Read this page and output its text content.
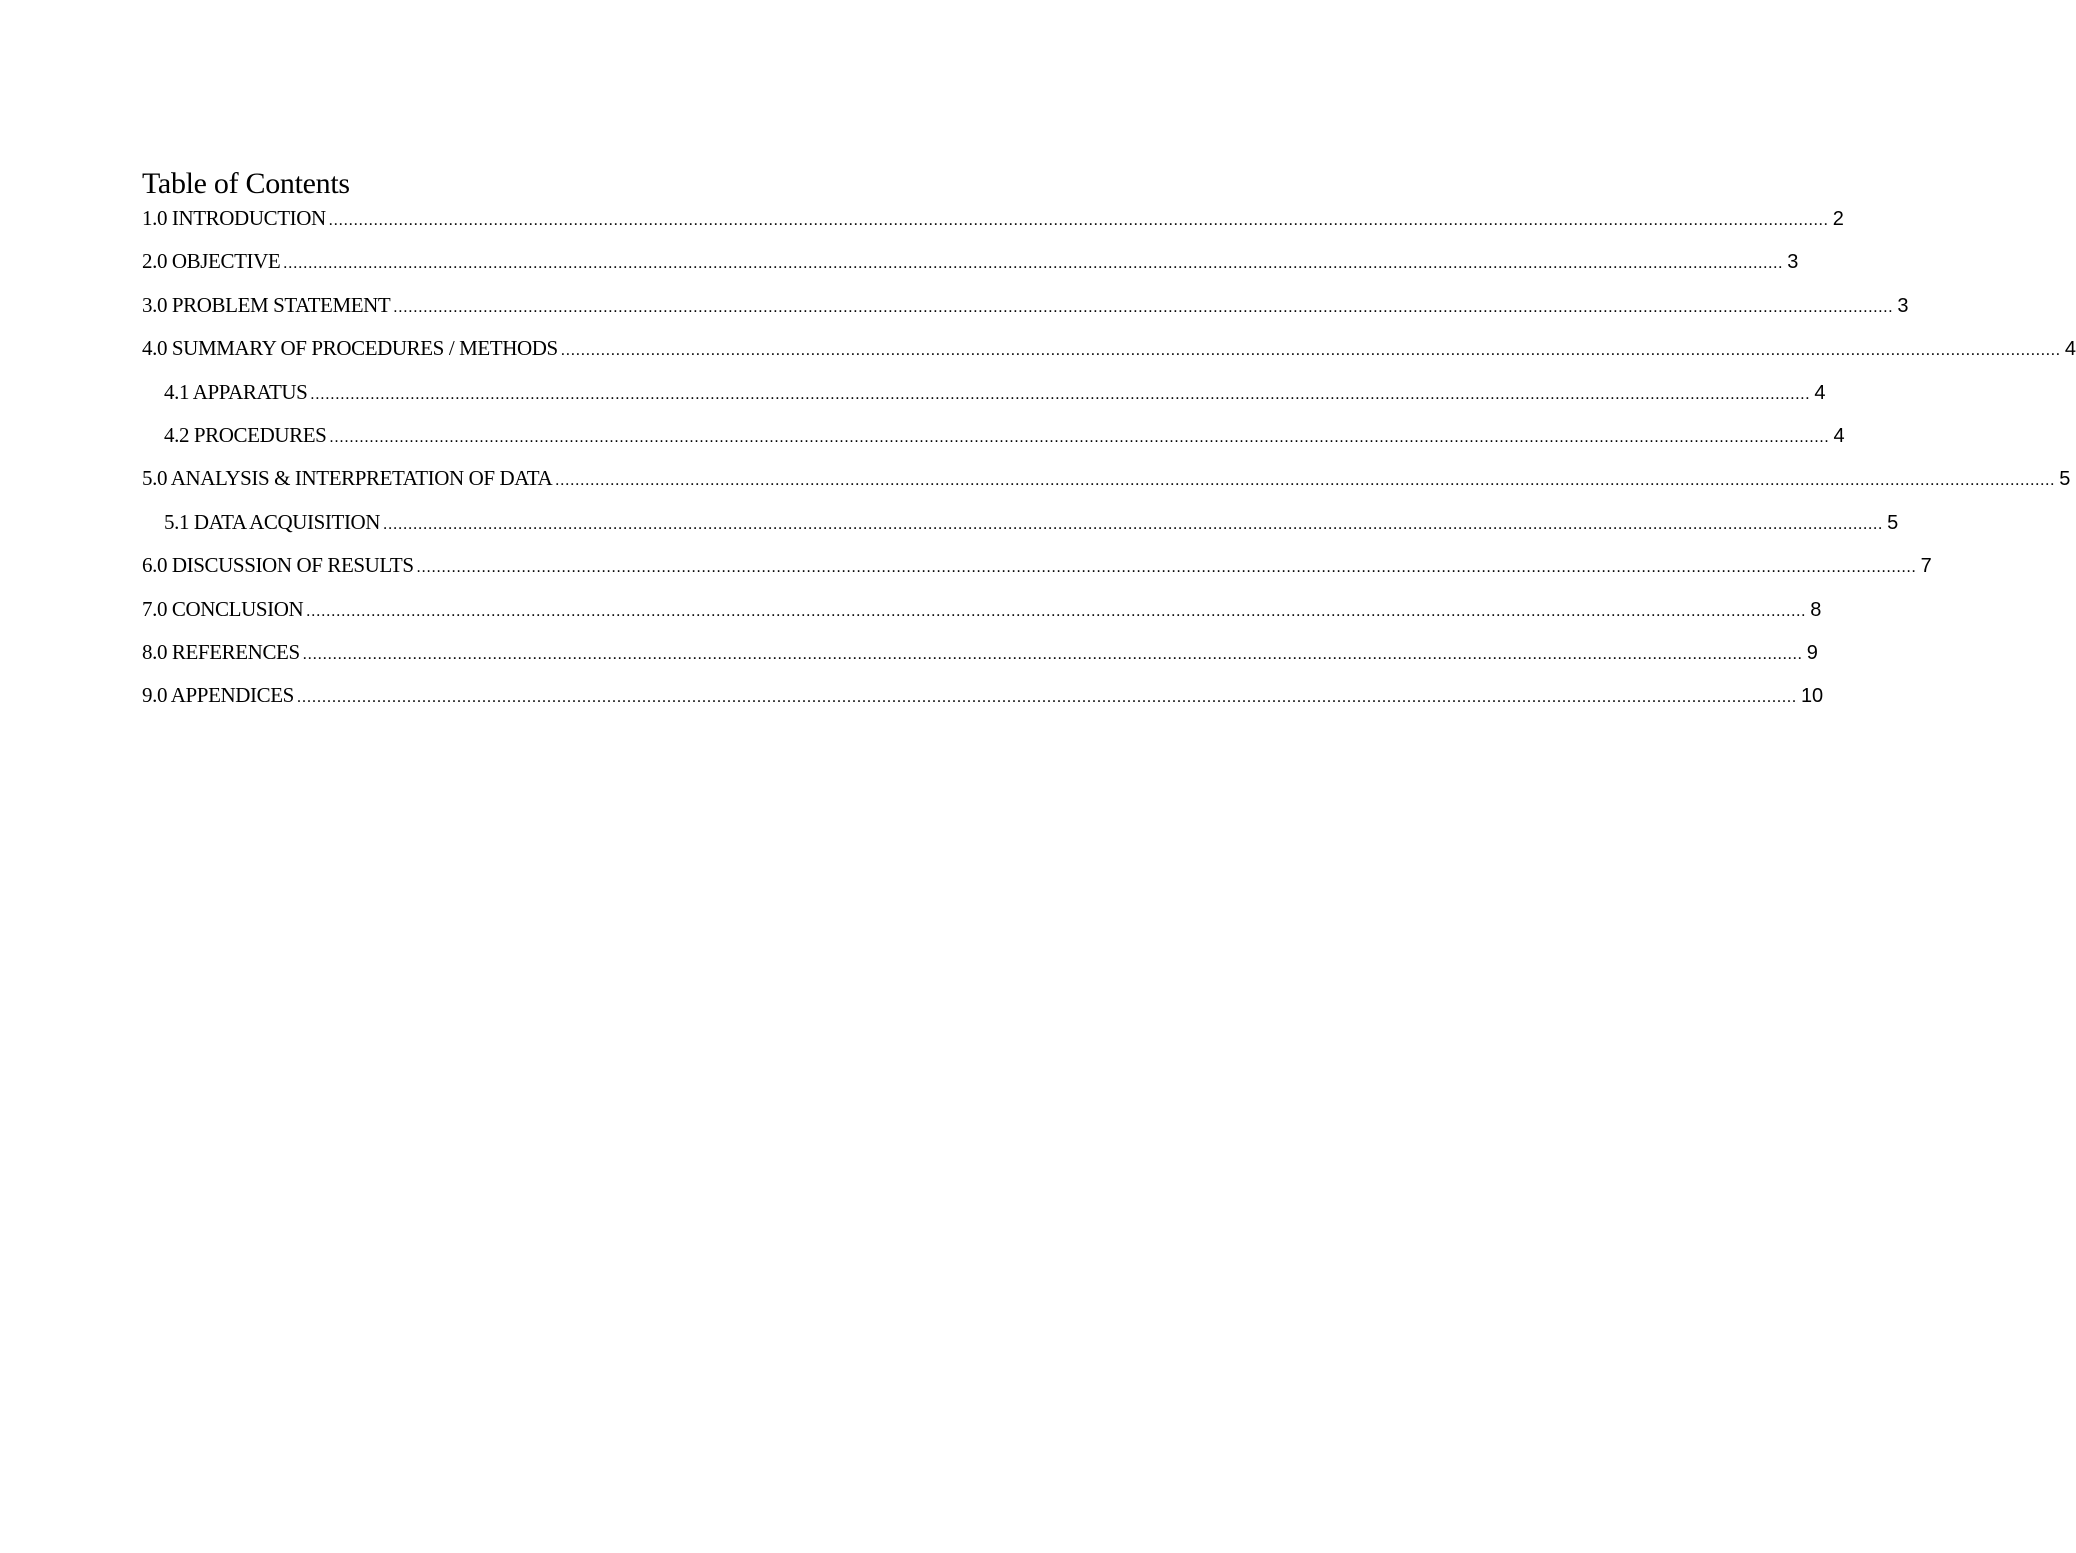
Table of Contents
1.0 INTRODUCTION ............................................................................................................................................................................................................................................................................................................ 2
2.0 OBJECTIVE ............................................................................................................................................................................................................................................................................................................ 3
3.0 PROBLEM STATEMENT ............................................................................................................................................................................................................................................................................................................ 3
4.0 SUMMARY OF PROCEDURES / METHODS ............................................................................................................................................................................................................................................................................................................ 4
4.1 APPARATUS ............................................................................................................................................................................................................................................................................................................ 4
4.2 PROCEDURES ............................................................................................................................................................................................................................................................................................................ 4
5.0 ANALYSIS & INTERPRETATION OF DATA ............................................................................................................................................................................................................................................................................................................ 5
5.1 DATA ACQUISITION ............................................................................................................................................................................................................................................................................................................ 5
6.0 DISCUSSION OF RESULTS ............................................................................................................................................................................................................................................................................................................ 7
7.0 CONCLUSION ............................................................................................................................................................................................................................................................................................................ 8
8.0 REFERENCES ............................................................................................................................................................................................................................................................................................................ 9
9.0 APPENDICES ............................................................................................................................................................................................................................................................................................................ 10
